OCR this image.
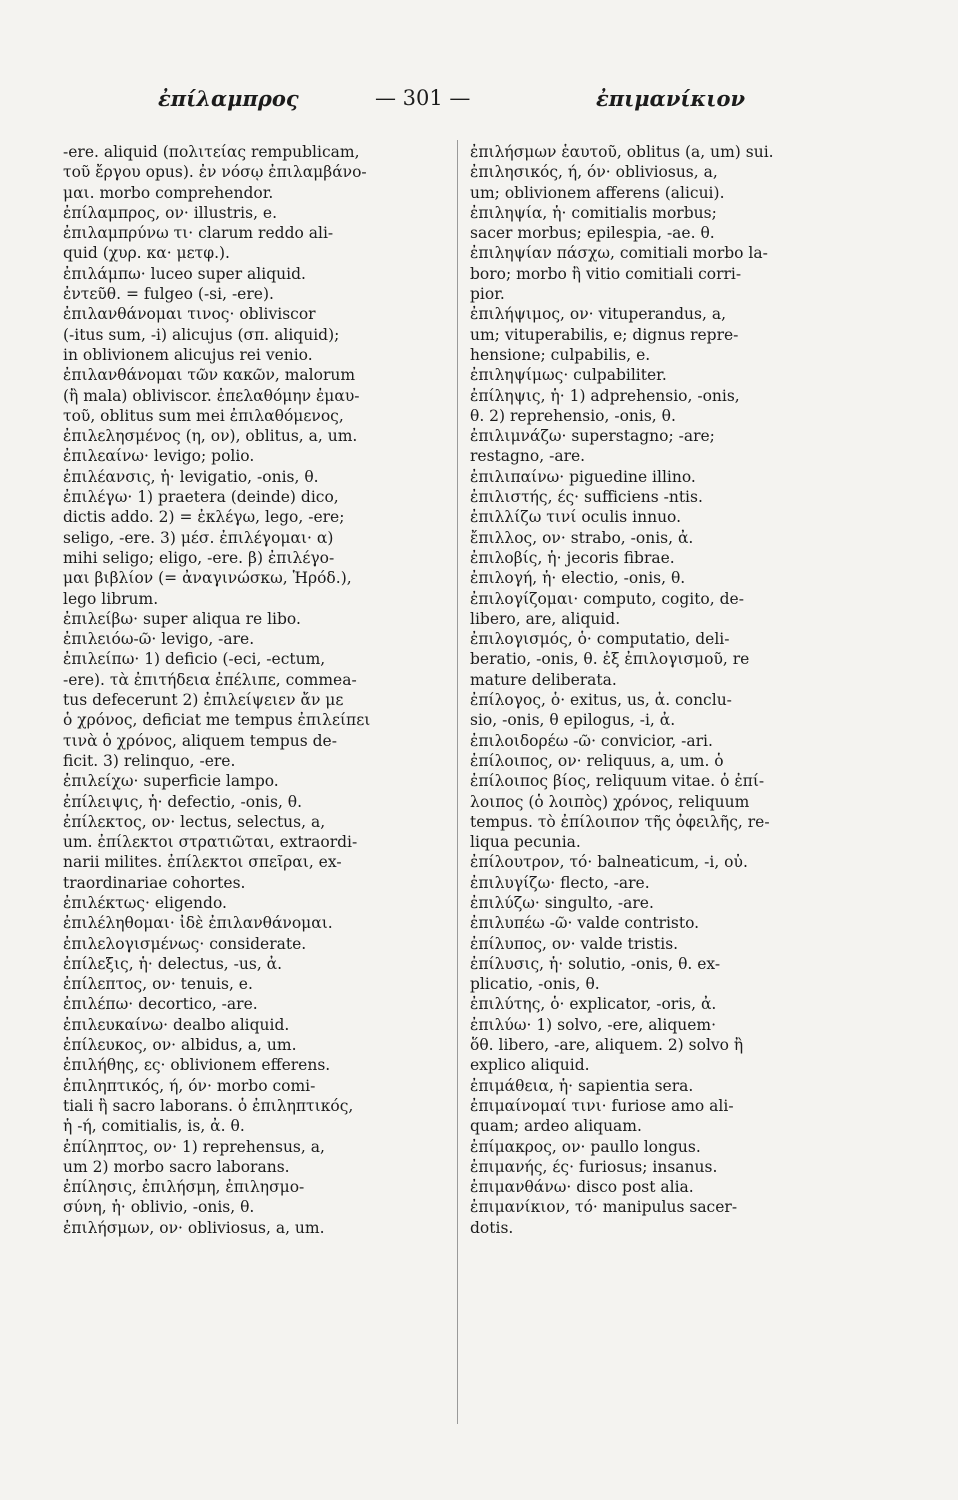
ἐπίλαμπρος	— 301 —	ἐπιμανίκιον
-ere. aliquid (πολιτείας rempublicam,
τοῦ ἔργου opus). ἐν νόσῳ ἐπιλαμβάνο-
μαι. morbo comprehendor.
ἐπίλαμπρος, ον· illustris, e.
ἐπιλαμπρύνω τι· clarum reddo ali-
quid (χυρ. κα· μετφ.).
ἐπιλάμπω· luceo super aliquid.
ἐντεῦθ. = fulgeo (-si, -ere).
ἐπιλανθάνομαι τινος· obliviscor
(-itus sum, -i) alicujus (σπ. aliquid);
in oblivionem alicujus rei venio.
ἐπιλανθάνομαι τῶν κακῶν, malorum
(ἢ mala) obliviscor. ἐπελαθόμην ἐμαυ-
τοῦ, oblitus sum mei ἐπιλαθόμενος,
ἐπιλελησμένος (η, ον), oblitus, a, um.
ἐπιλεαίνω· levigo; polio.
ἐπιλέανσις, ἡ· levigatio, -onis, θ.
ἐπιλέγω· 1) praetera (deinde) dico,
dictis addo. 2) = ἐκλέγω, lego, -ere;
seligo, -ere. 3) μέσ. ἐπιλέγομαι· α)
mihi seligo; eligo, -ere. β) ἐπιλέγο-
μαι βιβλίον (= ἀναγινώσκω, Ἡρόδ.),
lego librum.
ἐπιλείβω· super aliqua re libo.
ἐπιλειόω-ῶ· levigo, -are.
ἐπιλείπω· 1) deficio (-eci, -ectum,
-ere). τὰ ἐπιτήδεια ἐπέλιπε, commea-
tus defecerunt 2) ἐπιλείψειεν ἄν με
ὁ χρόνος, deficiat me tempus ἐπιλείπει
τινὰ ὁ χρόνος, aliquem tempus de-
ficit. 3) relinquo, -ere.
ἐπιλείχω· superficie lampo.
ἐπίλειψις, ἡ· defectio, -onis, θ.
ἐπίλεκτος, ον· lectus, selectus, a,
um. ἐπίλεκτοι στρατιῶται, extraordi-
narii milites. ἐπίλεκτοι σπεῖραι, ex-
traordinariae cohortes.
ἐπιλέκτως· eligendo.
ἐπιλέληθομαι· ἰδὲ ἐπιλανθάνομαι.
ἐπιλελογισμένως· considerate.
ἐπίλεξις, ἡ· delectus, -us, ἀ.
ἐπίλεπτος, ον· tenuis, e.
ἐπιλέπω· decortico, -are.
ἐπιλευκαίνω· dealbo aliquid.
ἐπίλευκος, ον· albidus, a, um.
ἐπιλήθης, ες· oblivionem efferens.
ἐπιληπτικός, ή, όν· morbo comi-
tiali ἢ sacro laborans. ὁ ἐπιληπτικός,
ἡ -ή, comitialis, is, ἀ. θ.
ἐπίληπτος, ον· 1) reprehensus, a,
um 2) morbo sacro laborans.
ἐπίλησις, ἐπιλήσμη, ἐπιλησμο-
σύνη, ἡ· oblivio, -onis, θ.
ἐπιλήσμων, ον· obliviosus, a, um.
ἐπιλήσμων ἑαυτοῦ, oblitus (a, um) sui.
ἐπιλησικός, ή, όν· obliviosus, a,
um; oblivionem afferens (alicui).
ἐπιληψία, ἡ· comitialis morbus;
sacer morbus; epilespia, -ae. θ.
ἐπιληψίαν πάσχω, comitiali morbo la-
boro; morbo ἢ vitio comitiali corri-
pior.
ἐπιλήψιμος, ον· vituperandus, a,
um; vituperabilis, e; dignus repre-
hensione; culpabilis, e.
ἐπιληψίμως· culpabiliter.
ἐπίληψις, ἡ· 1) adprehensio, -onis,
θ. 2) reprehensio, -onis, θ.
ἐπιλιμνάζω· superstagno; -are;
restagno, -are.
ἐπιλιπαίνω· piguedine illino.
ἐπιλιστής, ές· sufficiens -ntis.
ἐπιλλίζω τινί oculis innuo.
ἔπιλλος, ον· strabo, -onis, ἀ.
ἐπιλοβίς, ἡ· jecoris fibrae.
ἐπιλογή, ἡ· electio, -onis, θ.
ἐπιλογίζομαι· computo, cogito, de-
libero, are, aliquid.
ἐπιλογισμός, ὁ· computatio, deli-
beratio, -onis, θ. ἐξ ἐπιλογισμοῦ, re
mature deliberata.
ἐπίλογος, ὁ· exitus, us, ἀ. conclu-
sio, -onis, θ epilogus, -i, ἀ.
ἐπιλοιδορέω -ῶ· convicior, -ari.
ἐπίλοιπος, ον· reliquus, a, um. ὁ
ἐπίλοιπος βίος, reliquum vitae. ὁ ἐπί-
λοιπος (ὁ λοιπὸς) χρόνος, reliquum
tempus. τὸ ἐπίλοιπον τῆς ὀφειλῆς, re-
liqua pecunia.
ἐπίλουτρον, τό· balneaticum, -i, οὐ.
ἐπιλυγίζω· flecto, -are.
ἐπιλύζω· singulto, -are.
ἐπιλυπέω -ῶ· valde contristo.
ἐπίλυπος, ον· valde tristis.
ἐπίλυσις, ἡ· solutio, -onis, θ. ex-
plicatio, -onis, θ.
ἐπιλύτης, ὁ· explicator, -oris, ἀ.
ἐπιλύω· 1) solvo, -ere, aliquem·
ὅθ. libero, -are, aliquem. 2) solvo ἢ
explico aliquid.
ἐπιμάθεια, ἡ· sapientia sera.
ἐπιμαίνομαί τινι· furiose amo ali-
quam; ardeo aliquam.
ἐπίμακρος, ον· paullo longus.
ἐπιμανής, ές· furiosus; insanus.
ἐπιμανθάνω· disco post alia.
ἐπιμανίκιον, τό· manipulus sacer-
dotis.
